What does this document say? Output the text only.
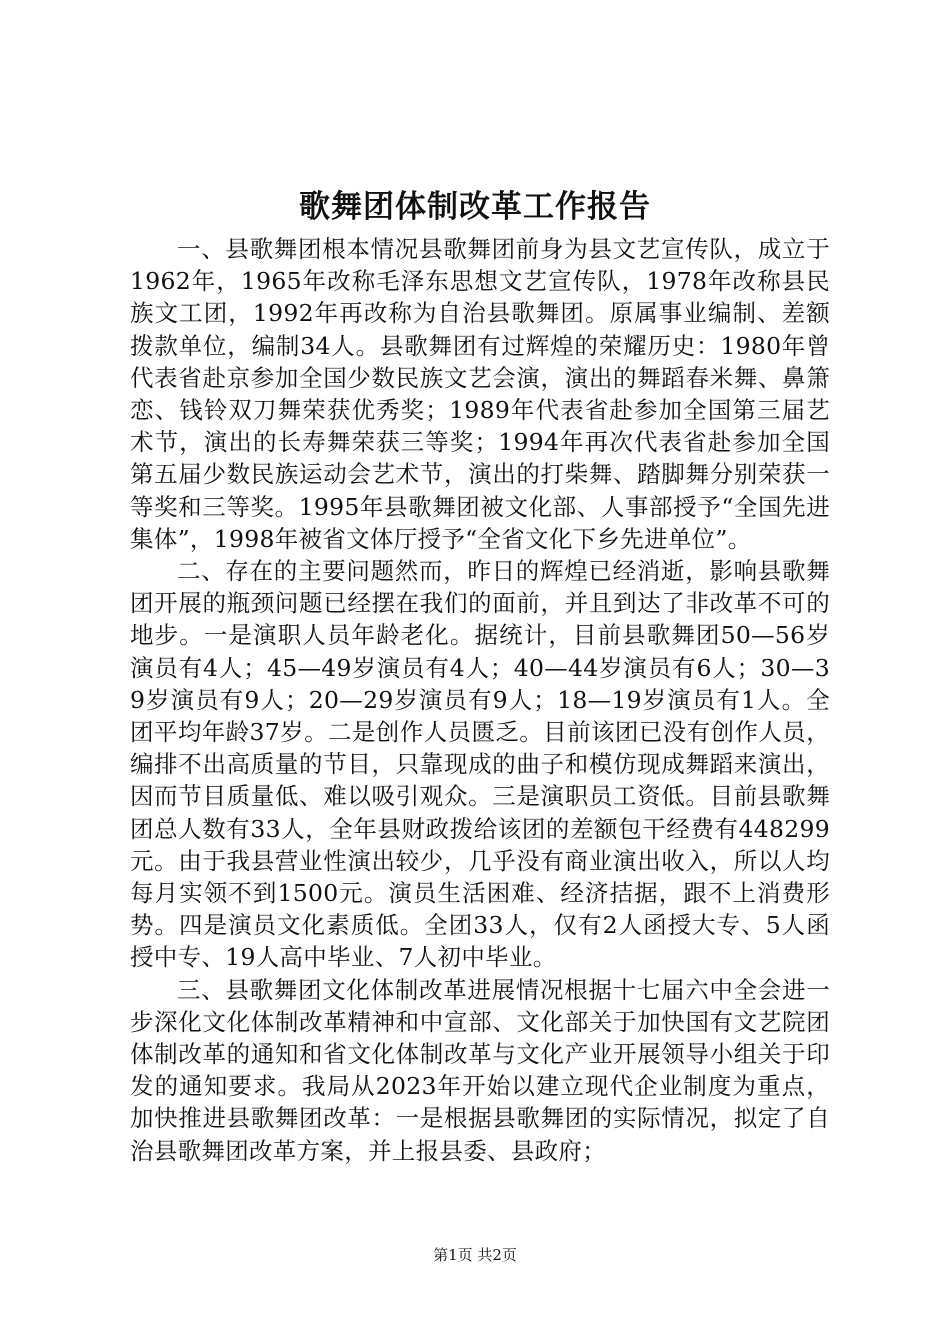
歌舞团体制改革工作报告

一、县歌舞团根本情况县歌舞团前身为县文艺宣传队，成立于1962年，1965年改称毛泽东思想文艺宣传队，1978年改称县民族文工团，1992年再改称为自治县歌舞团。原属事业编制、差额拨款单位，编制34人。县歌舞团有过辉煌的荣耀历史：1980年曾代表省赴京参加全国少数民族文艺会演，演出的舞蹈春米舞、鼻箫恋、钱铃双刀舞荣获优秀奖；1989年代表省赴参加全国第三届艺术节，演出的长寿舞荣获三等奖；1994年再次代表省赴参加全国第五届少数民族运动会艺术节，演出的打柴舞、踏脚舞分别荣获一等奖和三等奖。1995年县歌舞团被文化部、人事部授予“全国先进集体”，1998年被省文体厅授予“全省文化下乡先进单位”。

二、存在的主要问题然而，昨日的辉煌已经消逝，影响县歌舞团开展的瓶颈问题已经摆在我们的面前，并且到达了非改革不可的地步。一是演职人员年龄老化。据统计，目前县歌舞团50—56岁演员有4人；45—49岁演员有4人；40—44岁演员有6人；30—39岁演员有9人；20—29岁演员有9人；18—19岁演员有1人。全团平均年龄37岁。二是创作人员匮乏。目前该团已没有创作人员，编排不出高质量的节目，只靠现成的曲子和模仿现成舞蹈来演出，因而节目质量低、难以吸引观众。三是演职员工资低。目前县歌舞团总人数有33人，全年县财政拨给该团的差额包干经费有448299元。由于我县营业性演出较少，几乎没有商业演出收入，所以人均每月实领不到1500元。演员生活困难、经济拮据，跟不上消费形势。四是演员文化素质低。全团33人，仅有2人函授大专、5人函授中专、19人高中毕业、7人初中毕业。

三、县歌舞团文化体制改革进展情况根据十七届六中全会进一步深化文化体制改革精神和中宣部、文化部关于加快国有文艺院团体制改革的通知和省文化体制改革与文化产业开展领导小组关于印发的通知要求。我局从2023年开始以建立现代企业制度为重点，加快推进县歌舞团改革：一是根据县歌舞团的实际情况，拟定了自治县歌舞团改革方案，并上报县委、县政府；

第1页 共2页
